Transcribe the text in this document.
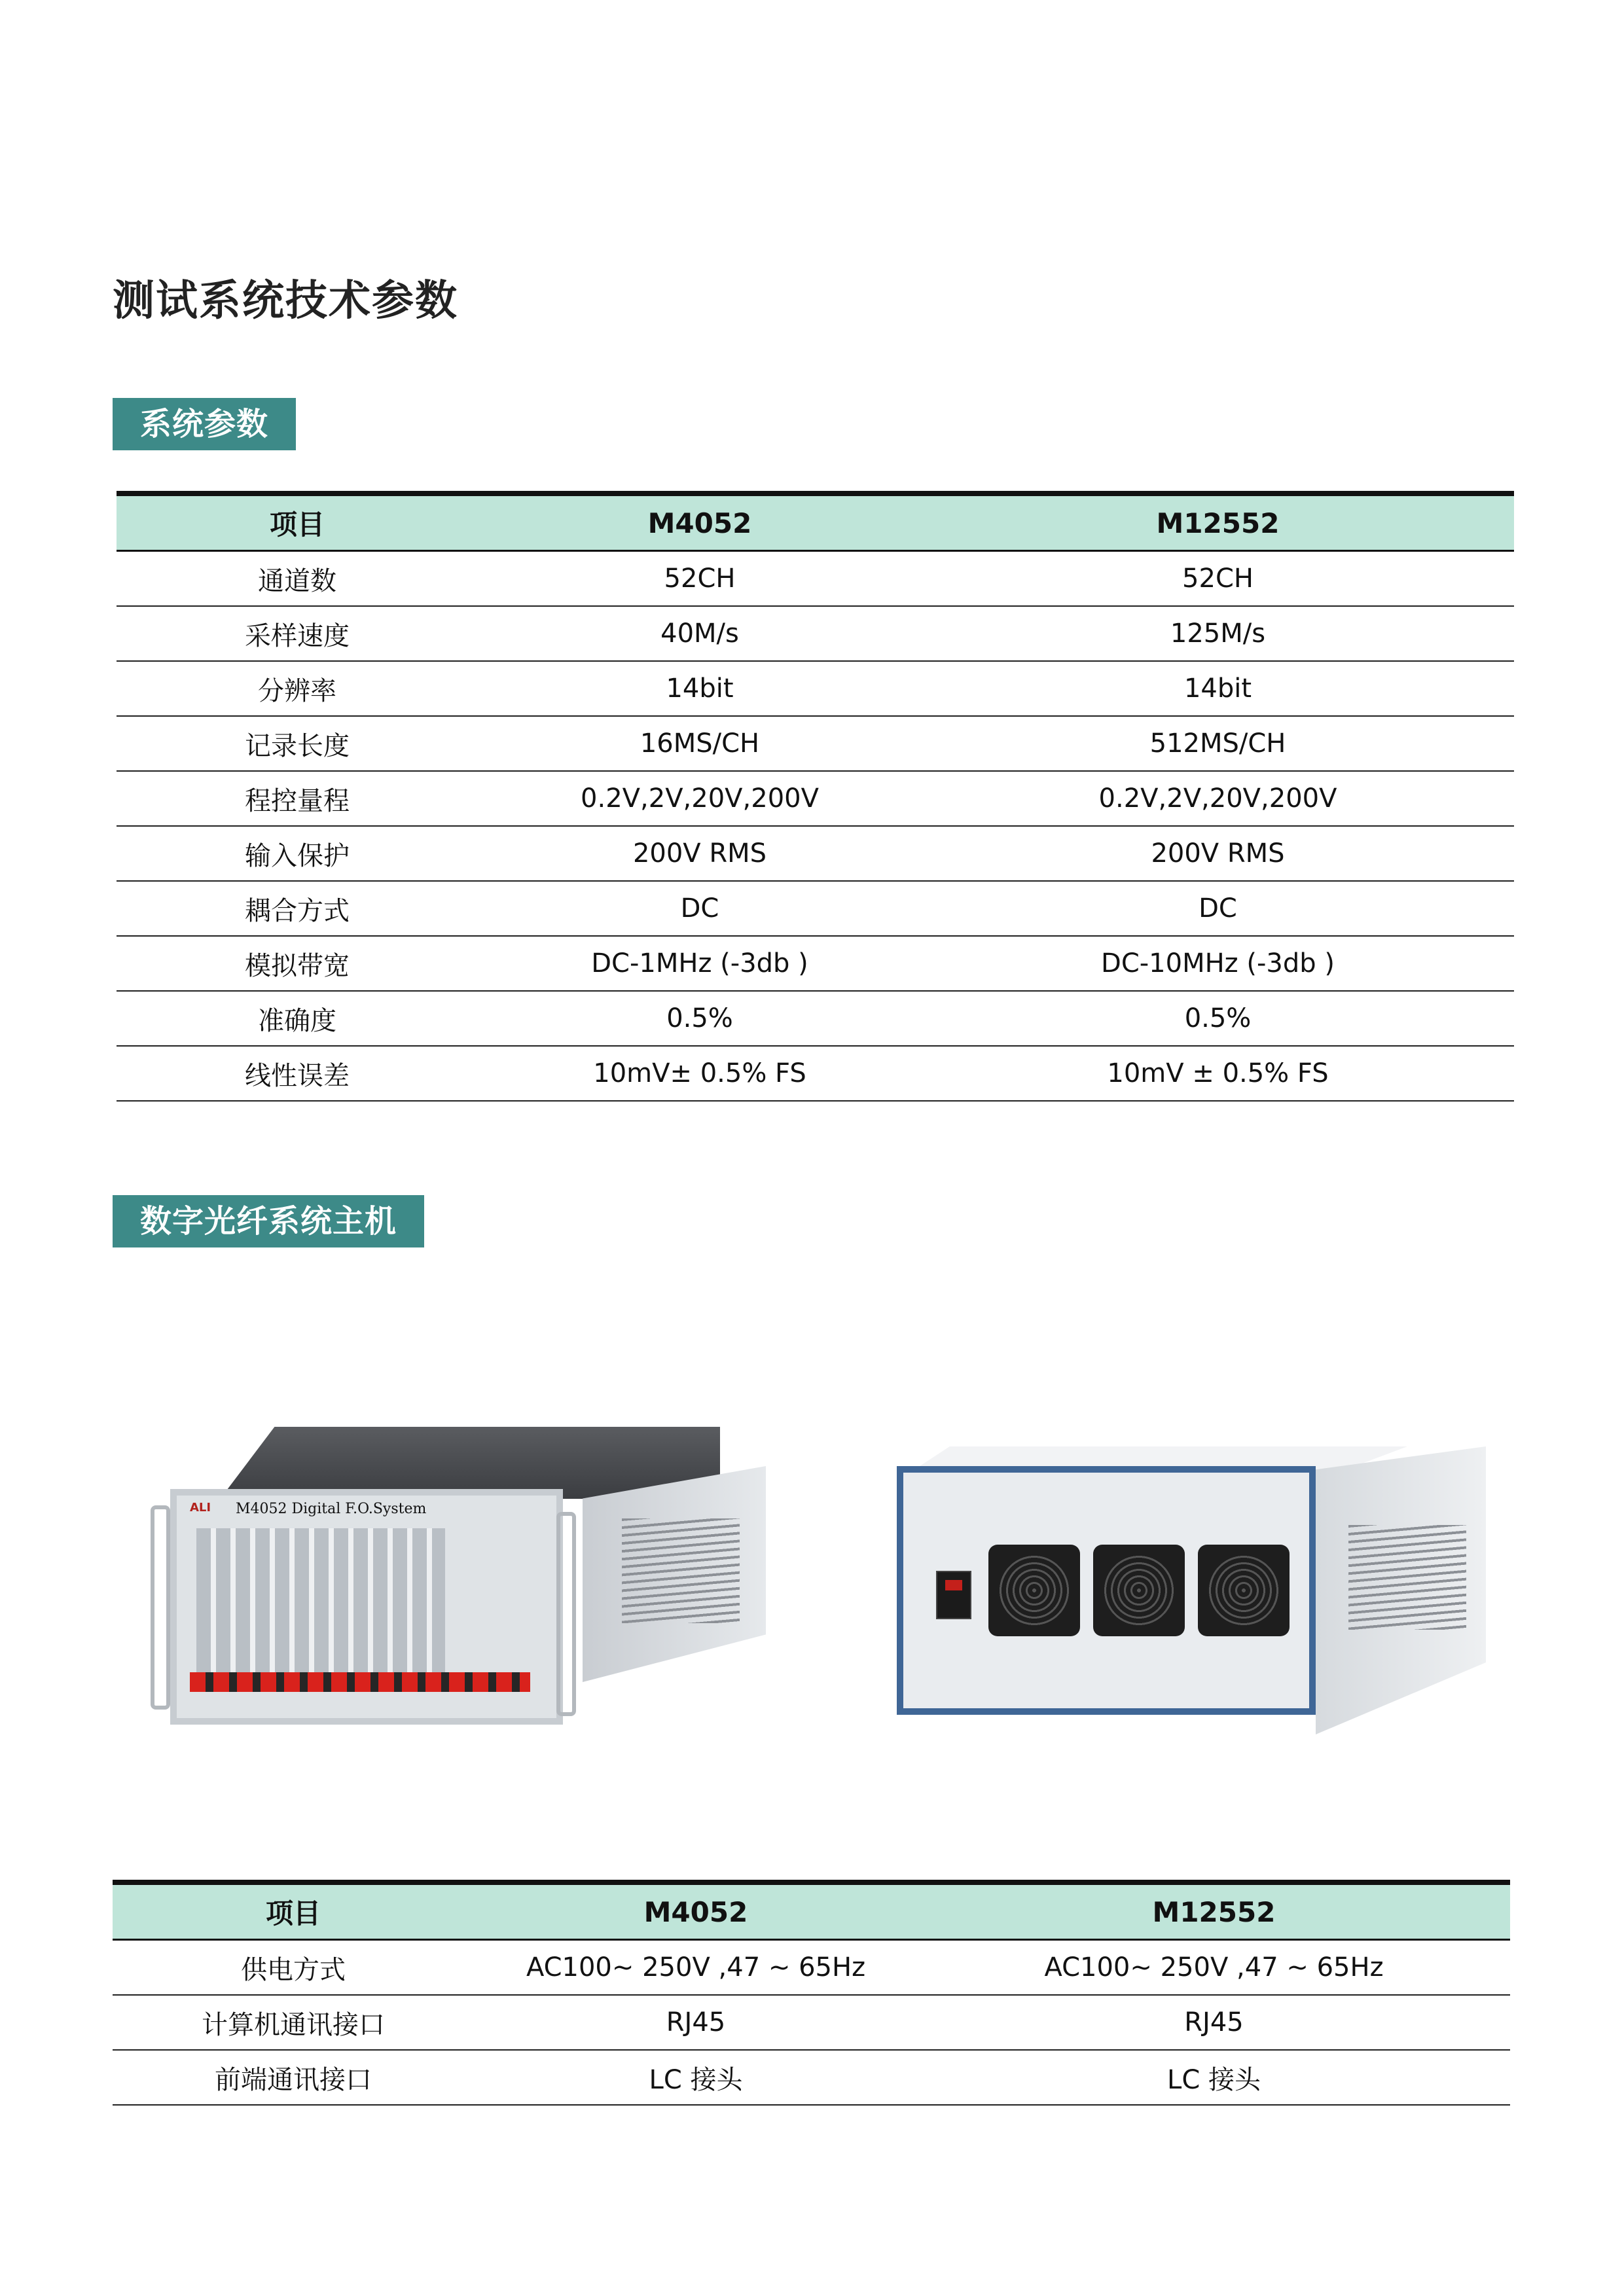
测试系统技术参数
系统参数
项目	M4052	M12552
通道数	52CH	52CH
采样速度	40M/s	125M/s
分辨率	14bit	14bit
记录长度	16MS/CH	512MS/CH
程控量程	0.2V,2V,20V,200V	0.2V,2V,20V,200V
输入保护	200V RMS	200V RMS
耦合方式	DC	DC
模拟带宽	DC-1MHz (-3db )	DC-10MHz (-3db )
准确度	0.5%	0.5%
线性误差	10mV± 0.5% FS	10mV ± 0.5% FS
数字光纤系统主机
ALI M4052 Digital F.O.System
项目	M4052	M12552
供电方式	AC100~ 250V ,47 ~ 65Hz	AC100~ 250V ,47 ~ 65Hz
计算机通讯接口	RJ45	RJ45
前端通讯接口	LC 接头	LC 接头
